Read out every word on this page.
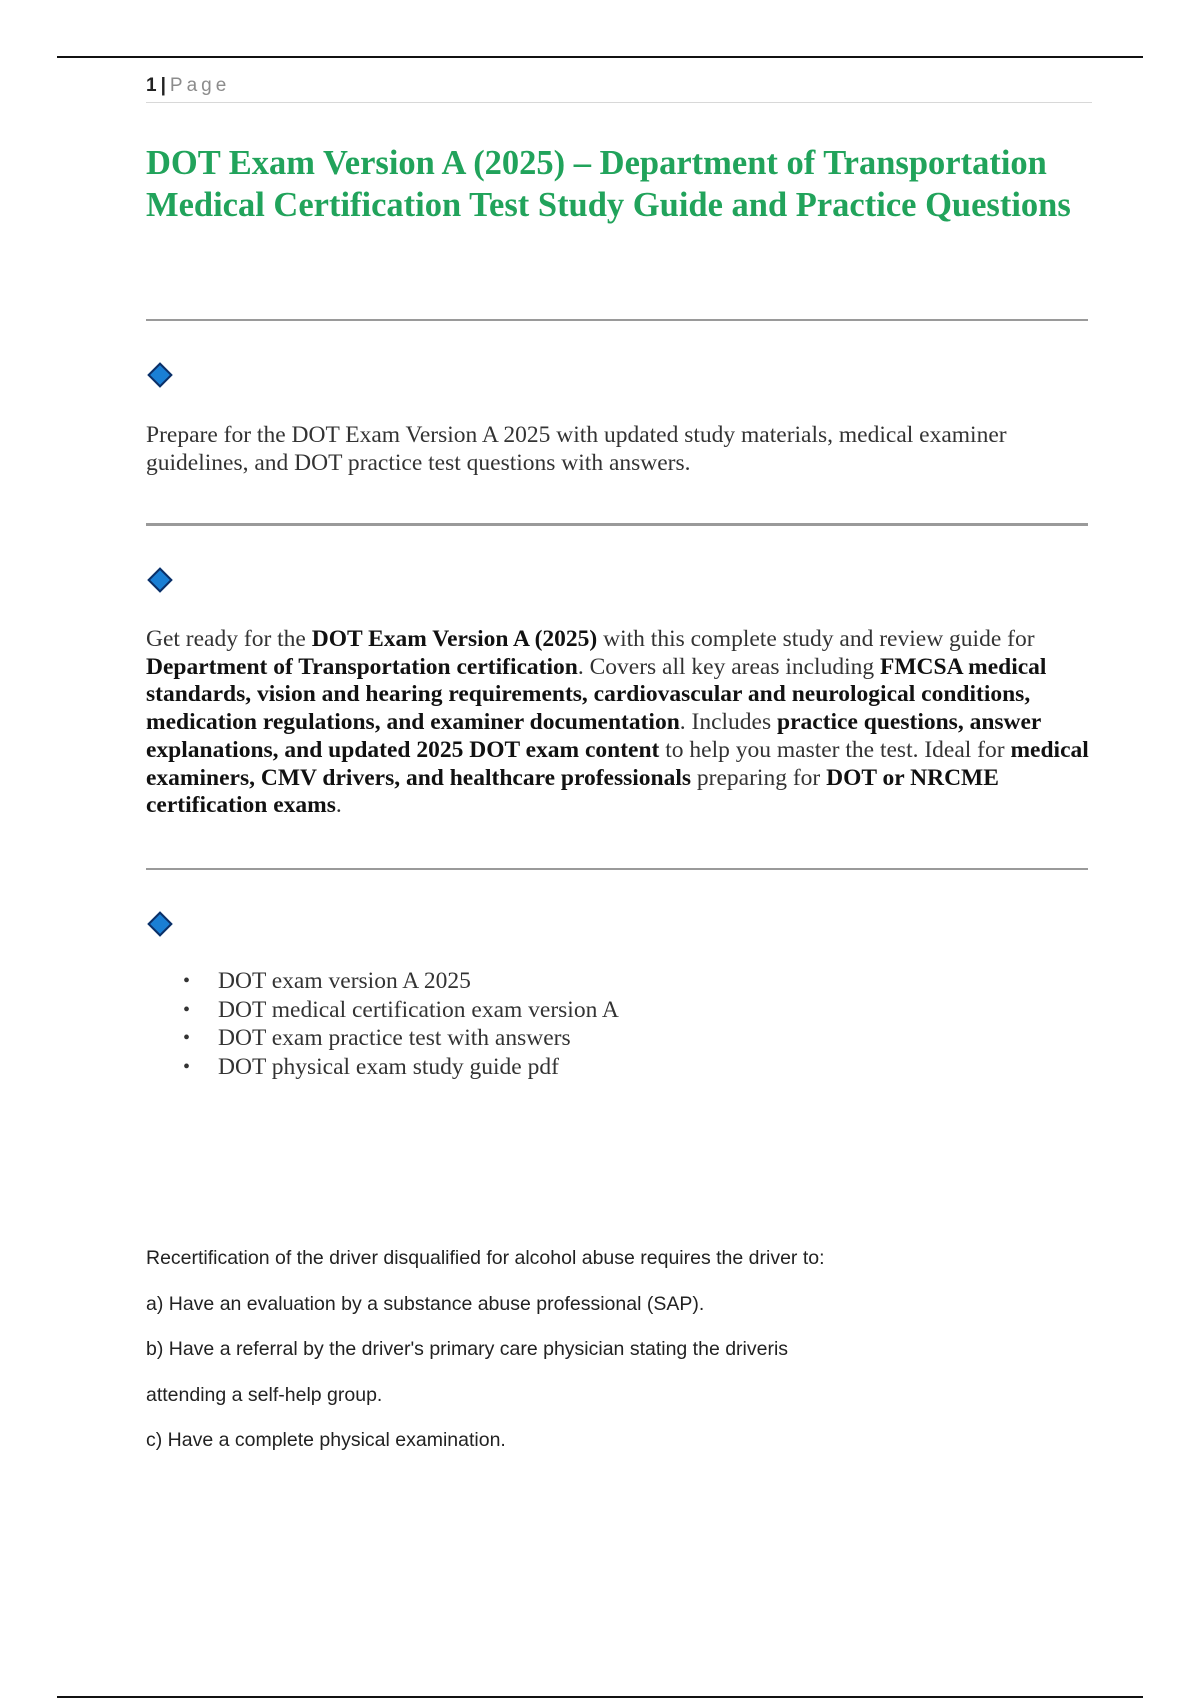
1 | Page
DOT Exam Version A (2025) – Department of Transportation Medical Certification Test Study Guide and Practice Questions

Prepare for the DOT Exam Version A 2025 with updated study materials, medical examiner guidelines, and DOT practice test questions with answers.

Get ready for the DOT Exam Version A (2025) with this complete study and review guide for Department of Transportation certification. Covers all key areas including FMCSA medical standards, vision and hearing requirements, cardiovascular and neurological conditions, medication regulations, and examiner documentation. Includes practice questions, answer explanations, and updated 2025 DOT exam content to help you master the test. Ideal for medical examiners, CMV drivers, and healthcare professionals preparing for DOT or NRCME certification exams.

• DOT exam version A 2025
• DOT medical certification exam version A
• DOT exam practice test with answers
• DOT physical exam study guide pdf

Recertification of the driver disqualified for alcohol abuse requires the driver to:

a) Have an evaluation by a substance abuse professional (SAP).

b) Have a referral by the driver's primary care physician stating the driveris

attending a self-help group.

c) Have a complete physical examination.
